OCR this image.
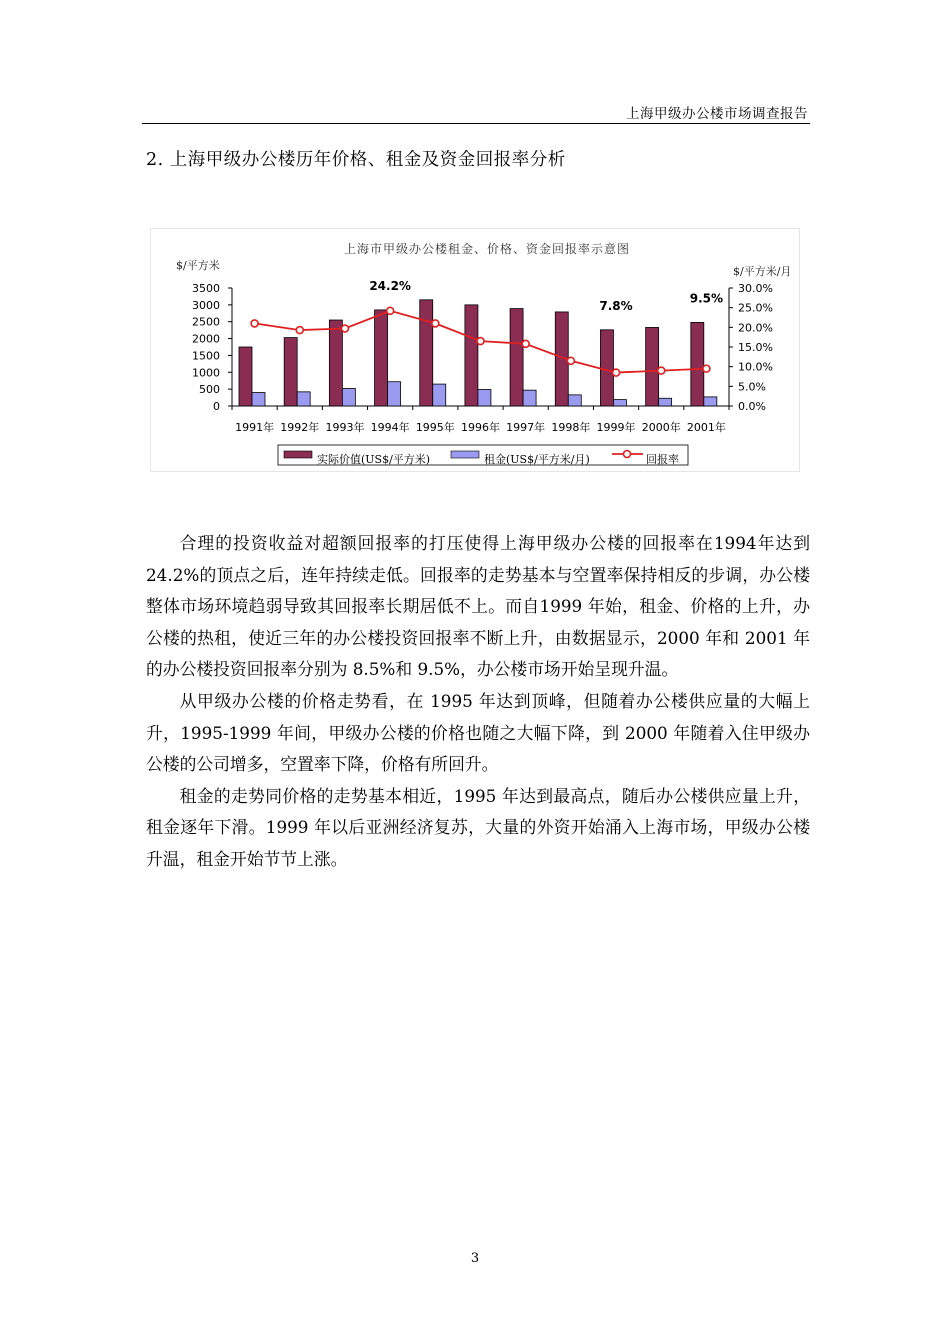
上海甲级办公楼市场调查报告
2. 上海甲级办公楼历年价格、租金及资金回报率分析
上海市甲级办公楼租金、价格、资金回报率示意图
$/平方米	$/平方米/月
0
500
1000
1500
2000
2500
3000
3500
0.0%
5.0%
10.0%
15.0%
20.0%
25.0%
30.0%
1991年 1992年 1993年 1994年 1995年 1996年 1997年 1998年 1999年 2000年 2001年
24.2%
7.8%
9.5%
实际价值(US$/平方米)	租金(US$/平方米/月)	回报率

合理的投资收益对超额回报率的打压使得上海甲级办公楼的回报率在1994年达到 24.2%的顶点之后，连年持续走低。回报率的走势基本与空置率保持相反的步调，办公楼整体市场环境趋弱导致其回报率长期居低不上。而自1999 年始，租金、价格的上升，办公楼的热租，使近三年的办公楼投资回报率不断上升，由数据显示，2000 年和 2001 年的办公楼投资回报率分别为 8.5%和 9.5%，办公楼市场开始呈现升温。

从甲级办公楼的价格走势看，在 1995 年达到顶峰，但随着办公楼供应量的大幅上升，1995-1999 年间，甲级办公楼的价格也随之大幅下降，到 2000 年随着入住甲级办公楼的公司增多，空置率下降，价格有所回升。

租金的走势同价格的走势基本相近，1995 年达到最高点，随后办公楼供应量上升，租金逐年下滑。1999 年以后亚洲经济复苏，大量的外资开始涌入上海市场，甲级办公楼升温，租金开始节节上涨。

3
